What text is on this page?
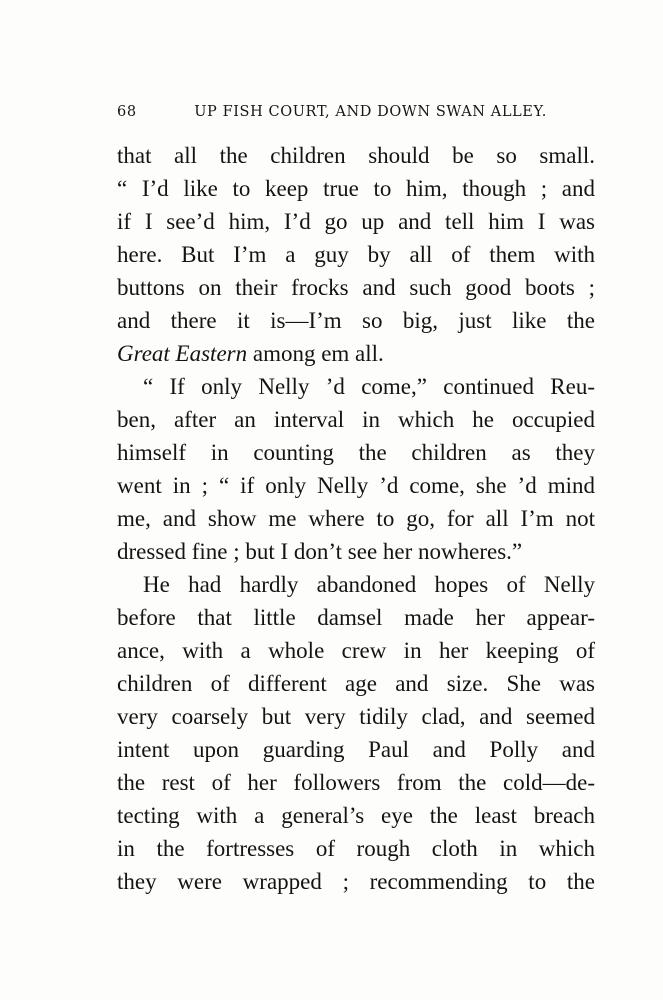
68	UP FISH COURT, AND DOWN SWAN ALLEY.
that all the children should be so small.
“ I’d like to keep true to him, though ; and
if I see’d him, I’d go up and tell him I was
here. But I’m a guy by all of them with
buttons on their frocks and such good boots ;
and there it is—I’m so big, just like the
Great Eastern among em all.
“ If only Nelly ’d come,” continued Reu-
ben, after an interval in which he occupied
himself in counting the children as they
went in ; “ if only Nelly ’d come, she ’d mind
me, and show me where to go, for all I’m not
dressed fine ; but I don’t see her nowheres.”
He had hardly abandoned hopes of Nelly
before that little damsel made her appear-
ance, with a whole crew in her keeping of
children of different age and size. She was
very coarsely but very tidily clad, and seemed
intent upon guarding Paul and Polly and
the rest of her followers from the cold—de-
tecting with a general’s eye the least breach
in the fortresses of rough cloth in which
they were wrapped ; recommending to the
